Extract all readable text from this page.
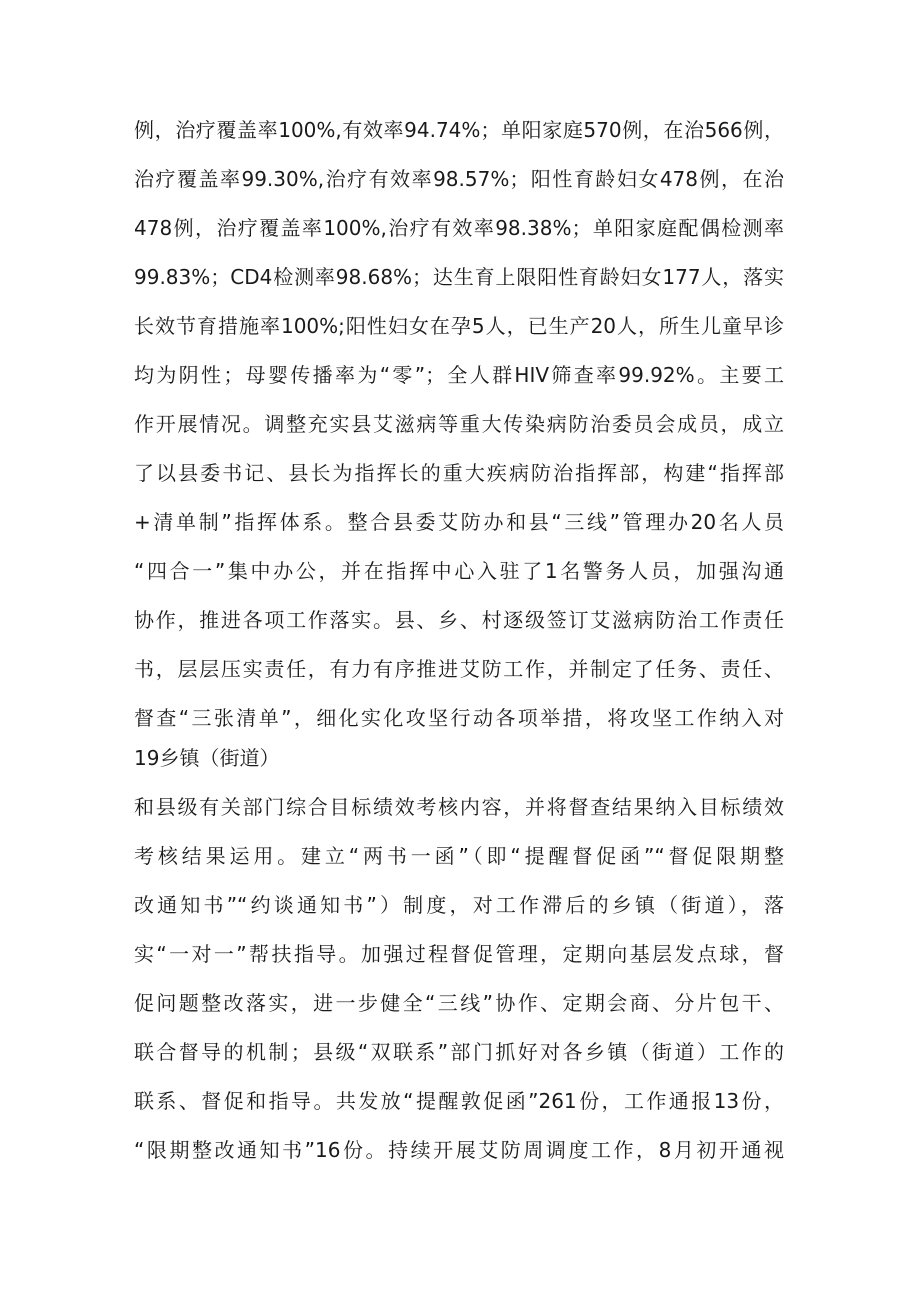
例，治疗覆盖率100%,有效率94.74%；单阳家庭570例，在治566例，
治疗覆盖率99.30%,治疗有效率98.57%；阳性育龄妇女478例，在治
478例，治疗覆盖率100%,治疗有效率98.38%；单阳家庭配偶检测率
99.83%；CD4检测率98.68%；达生育上限阳性育龄妇女177人，落实
长效节育措施率100%;阳性妇女在孕5人，已生产20人，所生儿童早诊
均为阴性；母婴传播率为“零”；全人群HIV筛查率99.92%。主要工
作开展情况。调整充实县艾滋病等重大传染病防治委员会成员，成立
了以县委书记、县长为指挥长的重大疾病防治指挥部，构建“指挥部
+清单制”指挥体系。整合县委艾防办和县“三线”管理办20名人员
“四合一”集中办公，并在指挥中心入驻了1名警务人员，加强沟通
协作，推进各项工作落实。县、乡、村逐级签订艾滋病防治工作责任
书，层层压实责任，有力有序推进艾防工作，并制定了任务、责任、
督查“三张清单”，细化实化攻坚行动各项举措，将攻坚工作纳入对
19乡镇（街道）
和县级有关部门综合目标绩效考核内容，并将督查结果纳入目标绩效
考核结果运用。建立“两书一函”（即“提醒督促函”“督促限期整
改通知书”“约谈通知书”）制度，对工作滞后的乡镇（街道），落
实“一对一”帮扶指导。加强过程督促管理，定期向基层发点球，督
促问题整改落实，进一步健全“三线”协作、定期会商、分片包干、
联合督导的机制；县级“双联系”部门抓好对各乡镇（街道）工作的
联系、督促和指导。共发放“提醒敦促函”261份，工作通报13份，
“限期整改通知书”16份。持续开展艾防周调度工作，8月初开通视
